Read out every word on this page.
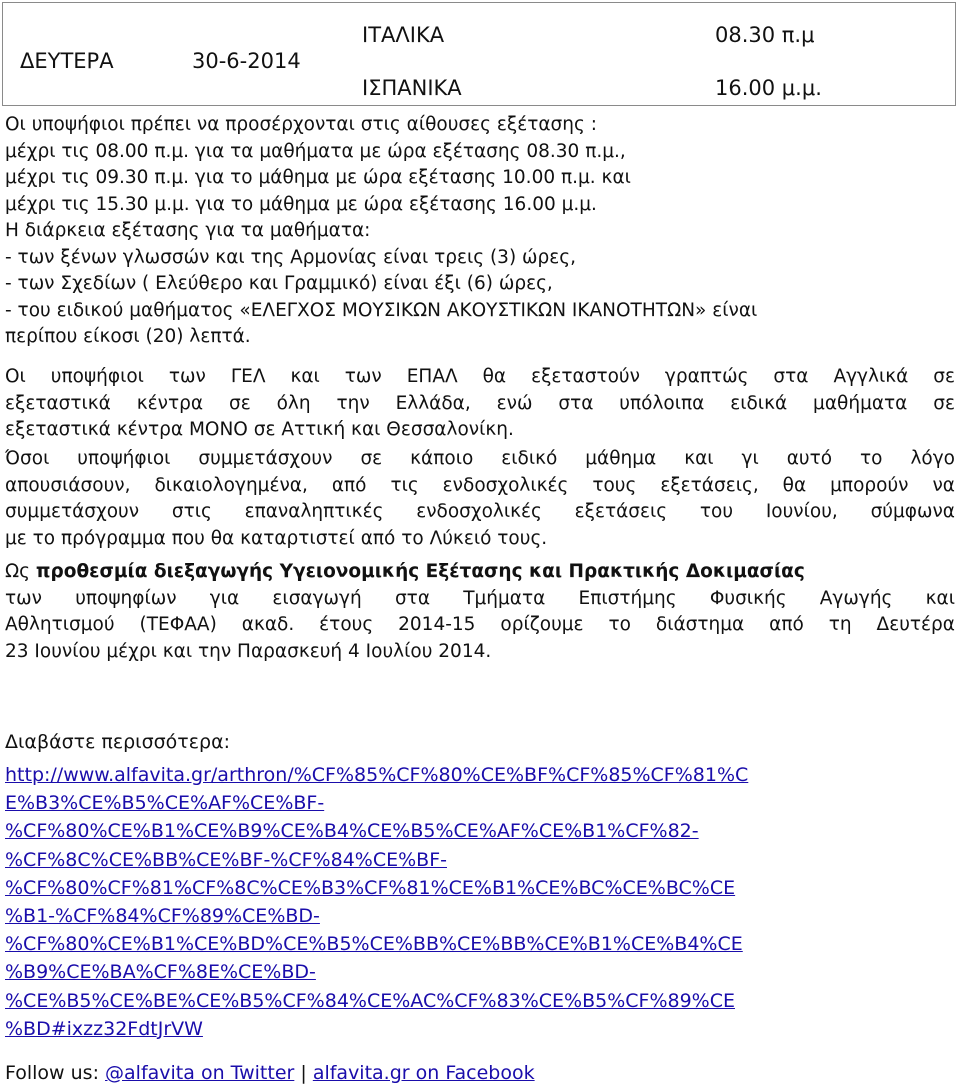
ΔΕΥΤΕΡΑ	30-6-2014
ΙΤΑΛΙΚΑ	08.30 π.μ
ΙΣΠΑΝΙΚΑ	16.00 μ.μ.
Οι υποψήφιοι πρέπει να προσέρχονται στις αίθουσες εξέτασης :
μέχρι τις 08.00 π.μ. για τα μαθήματα με ώρα εξέτασης 08.30 π.μ.,
μέχρι τις 09.30 π.μ. για το μάθημα με ώρα εξέτασης 10.00 π.μ. και
μέχρι τις 15.30 μ.μ. για το μάθημα με ώρα εξέτασης 16.00 μ.μ.
Η διάρκεια εξέτασης για τα μαθήματα:
- των ξένων γλωσσών και της Αρμονίας είναι τρεις (3) ώρες,
- των Σχεδίων ( Ελεύθερο και Γραμμικό) είναι έξι (6) ώρες,
- του ειδικού μαθήματος «ΕΛΕΓΧΟΣ ΜΟΥΣΙΚΩΝ ΑΚΟΥΣΤΙΚΩΝ ΙΚΑΝΟΤΗΤΩΝ» είναι
περίπου είκοσι (20) λεπτά.
Οι υποψήφιοι των ΓΕΛ και των ΕΠΑΛ θα εξεταστούν γραπτώς στα Αγγλικά σε
εξεταστικά κέντρα σε όλη την Ελλάδα, ενώ στα υπόλοιπα ειδικά μαθήματα σε
εξεταστικά κέντρα ΜΟΝΟ σε Αττική και Θεσσαλονίκη.
Όσοι υποψήφιοι συμμετάσχουν σε κάποιο ειδικό μάθημα και γι αυτό το λόγο
απουσιάσουν, δικαιολογημένα, από τις ενδοσχολικές τους εξετάσεις, θα μπορούν να
συμμετάσχουν στις επαναληπτικές ενδοσχολικές εξετάσεις του Ιουνίου, σύμφωνα
με το πρόγραμμα που θα καταρτιστεί από το Λύκειό τους.
Ως προθεσμία διεξαγωγής Υγειονομικής Εξέτασης και Πρακτικής Δοκιμασίας
των υποψηφίων για εισαγωγή στα Τμήματα Επιστήμης Φυσικής Αγωγής και
Αθλητισμού (ΤΕΦΑΑ) ακαδ. έτους 2014-15 ορίζουμε το διάστημα από τη Δευτέρα
23 Ιουνίου μέχρι και την Παρασκευή 4 Ιουλίου 2014.
Διαβάστε περισσότερα:
http://www.alfavita.gr/arthron/%CF%85%CF%80%CE%BF%CF%85%CF%81%C
E%B3%CE%B5%CE%AF%CE%BF-
%CF%80%CE%B1%CE%B9%CE%B4%CE%B5%CE%AF%CE%B1%CF%82-
%CF%8C%CE%BB%CE%BF-%CF%84%CE%BF-
%CF%80%CF%81%CF%8C%CE%B3%CF%81%CE%B1%CE%BC%CE%BC%CE
%B1-%CF%84%CF%89%CE%BD-
%CF%80%CE%B1%CE%BD%CE%B5%CE%BB%CE%BB%CE%B1%CE%B4%CE
%B9%CE%BA%CF%8E%CE%BD-
%CE%B5%CE%BE%CE%B5%CF%84%CE%AC%CF%83%CE%B5%CF%89%CE
%BD#ixzz32FdtJrVW
Follow us: @alfavita on Twitter | alfavita.gr on Facebook
